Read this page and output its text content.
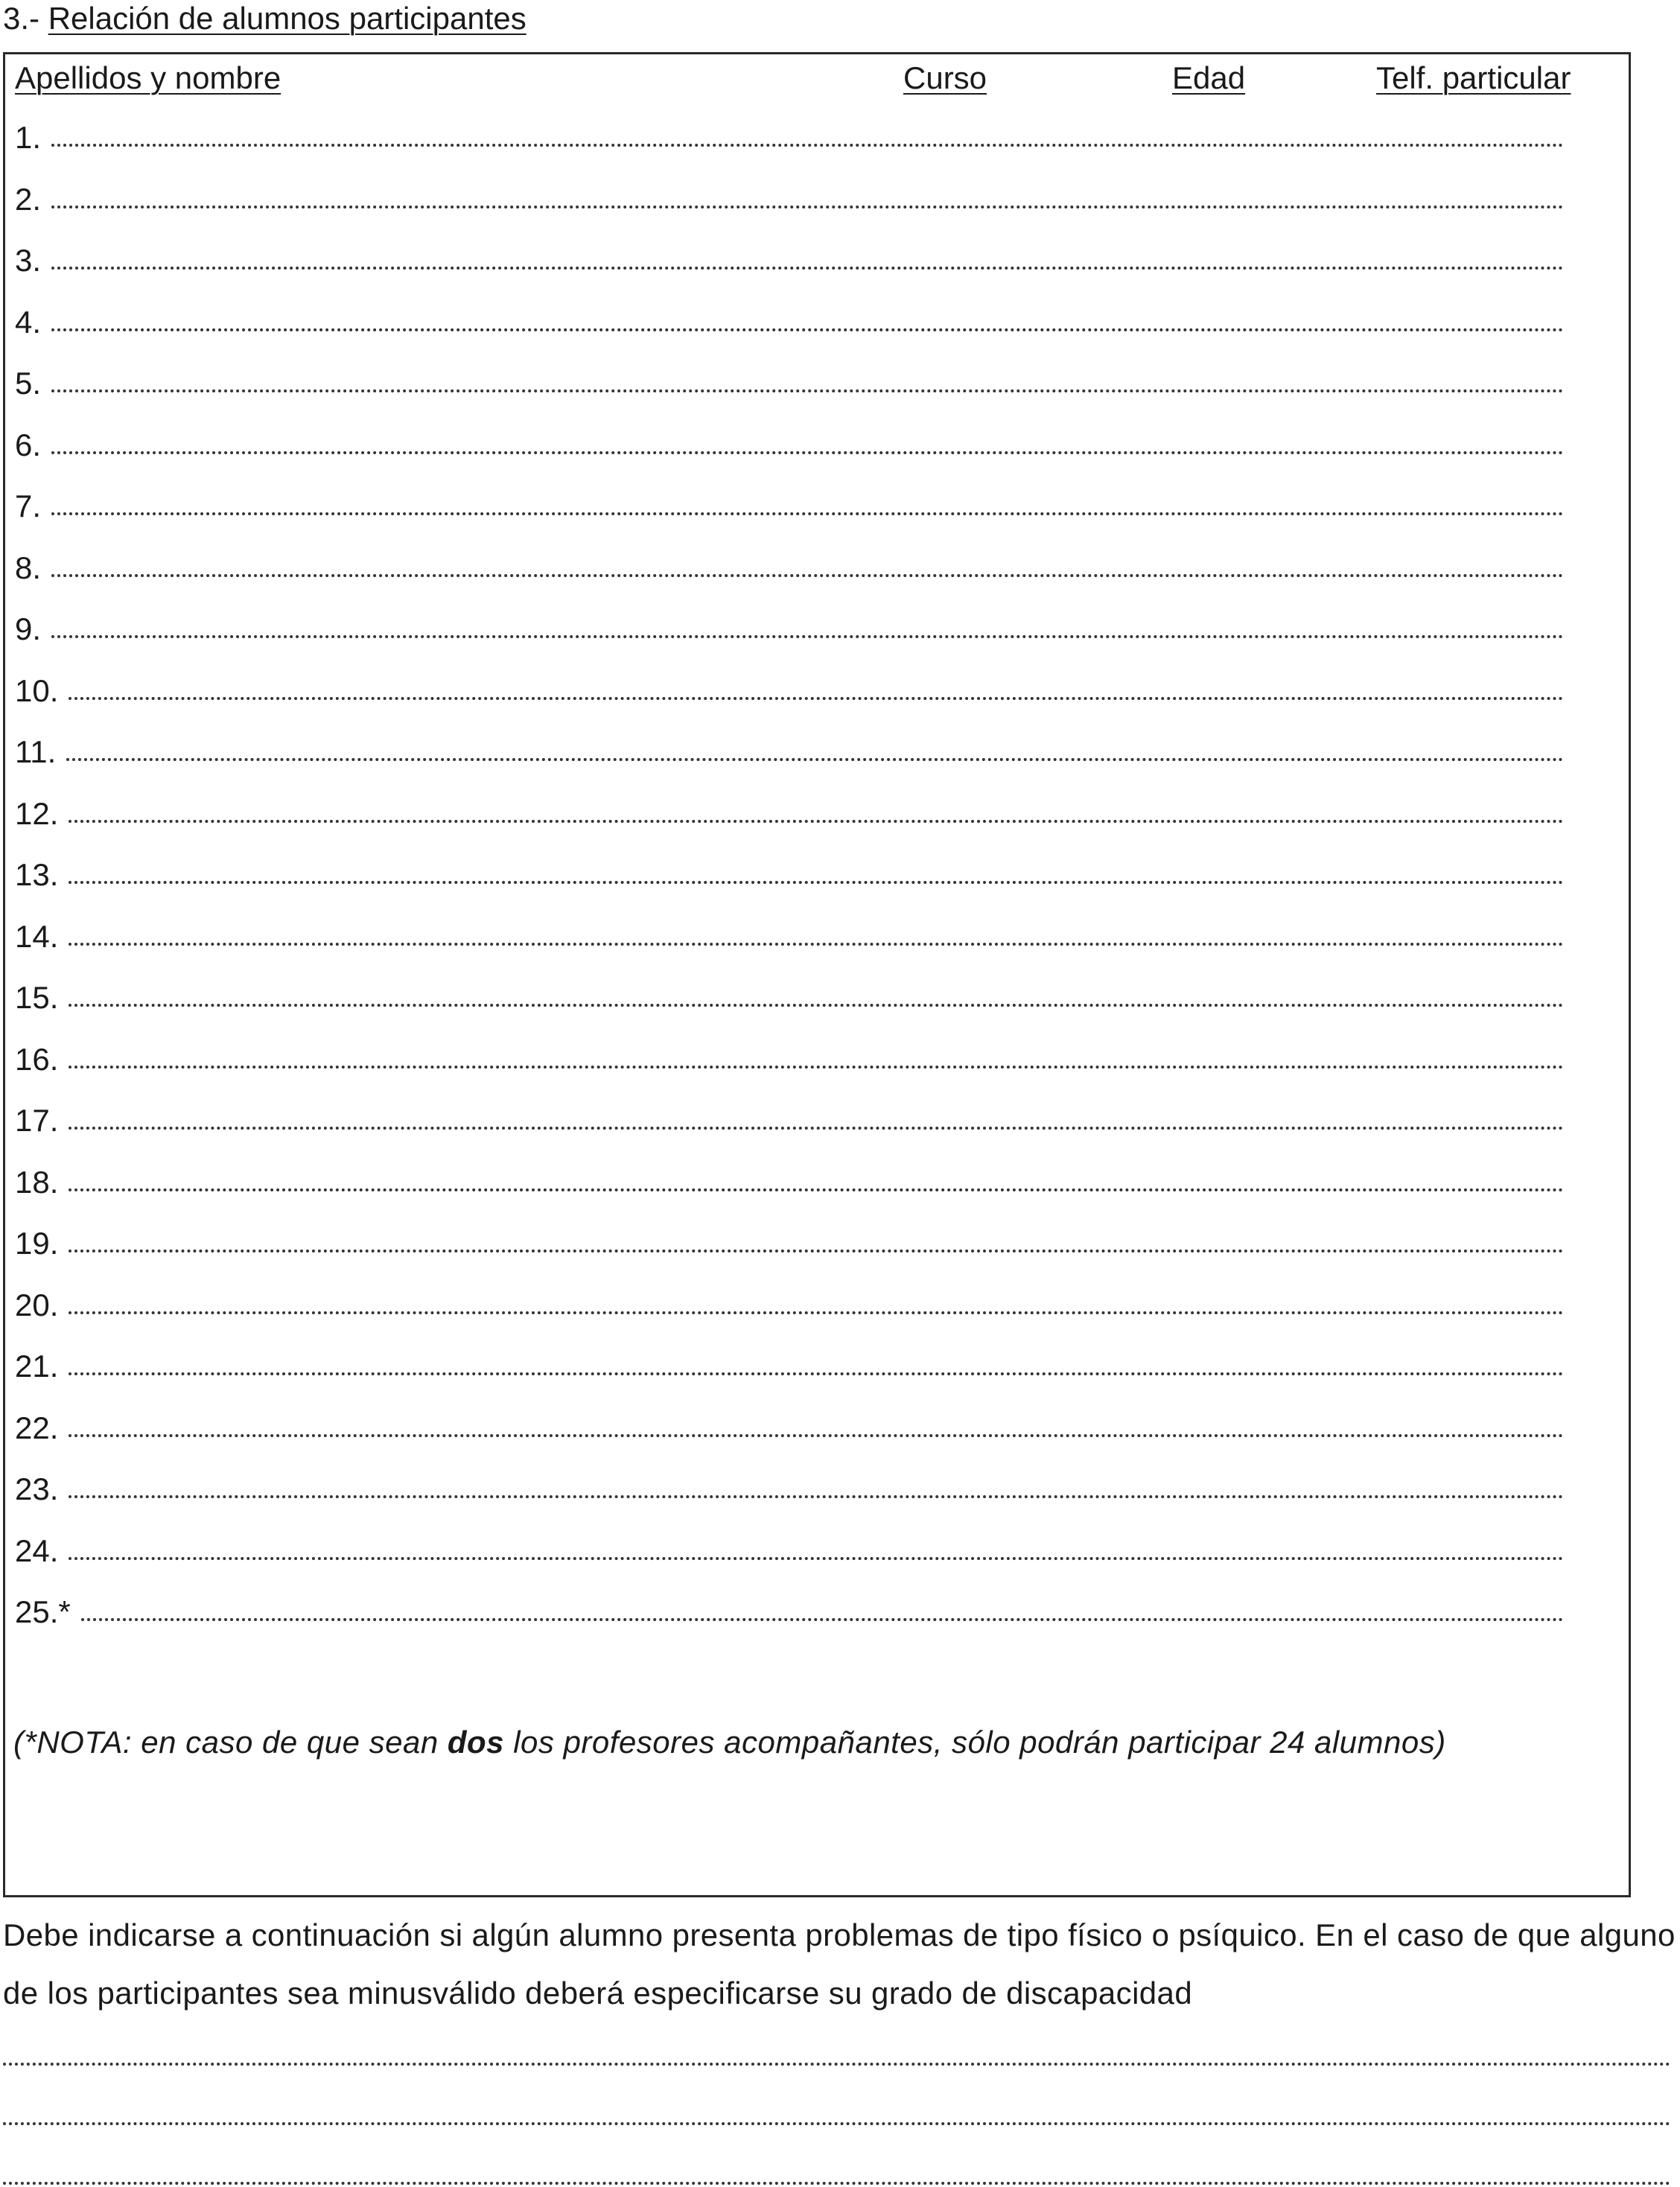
3.- Relación de alumnos participantes
Apellidos y nombre	Curso	Edad	Telf. particular
1.
2.
3.
4.
5.
6.
7.
8.
9.
10.
11.
12.
13.
14.
15.
16.
17.
18.
19.
20.
21.
22.
23.
24.
25.*
(*NOTA: en caso de que sean dos los profesores acompañantes, sólo podrán participar 24 alumnos)
Debe indicarse a continuación si algún alumno presenta problemas de tipo físico o psíquico. En el caso de que alguno de los participantes sea minusválido deberá especificarse su grado de discapacidad
